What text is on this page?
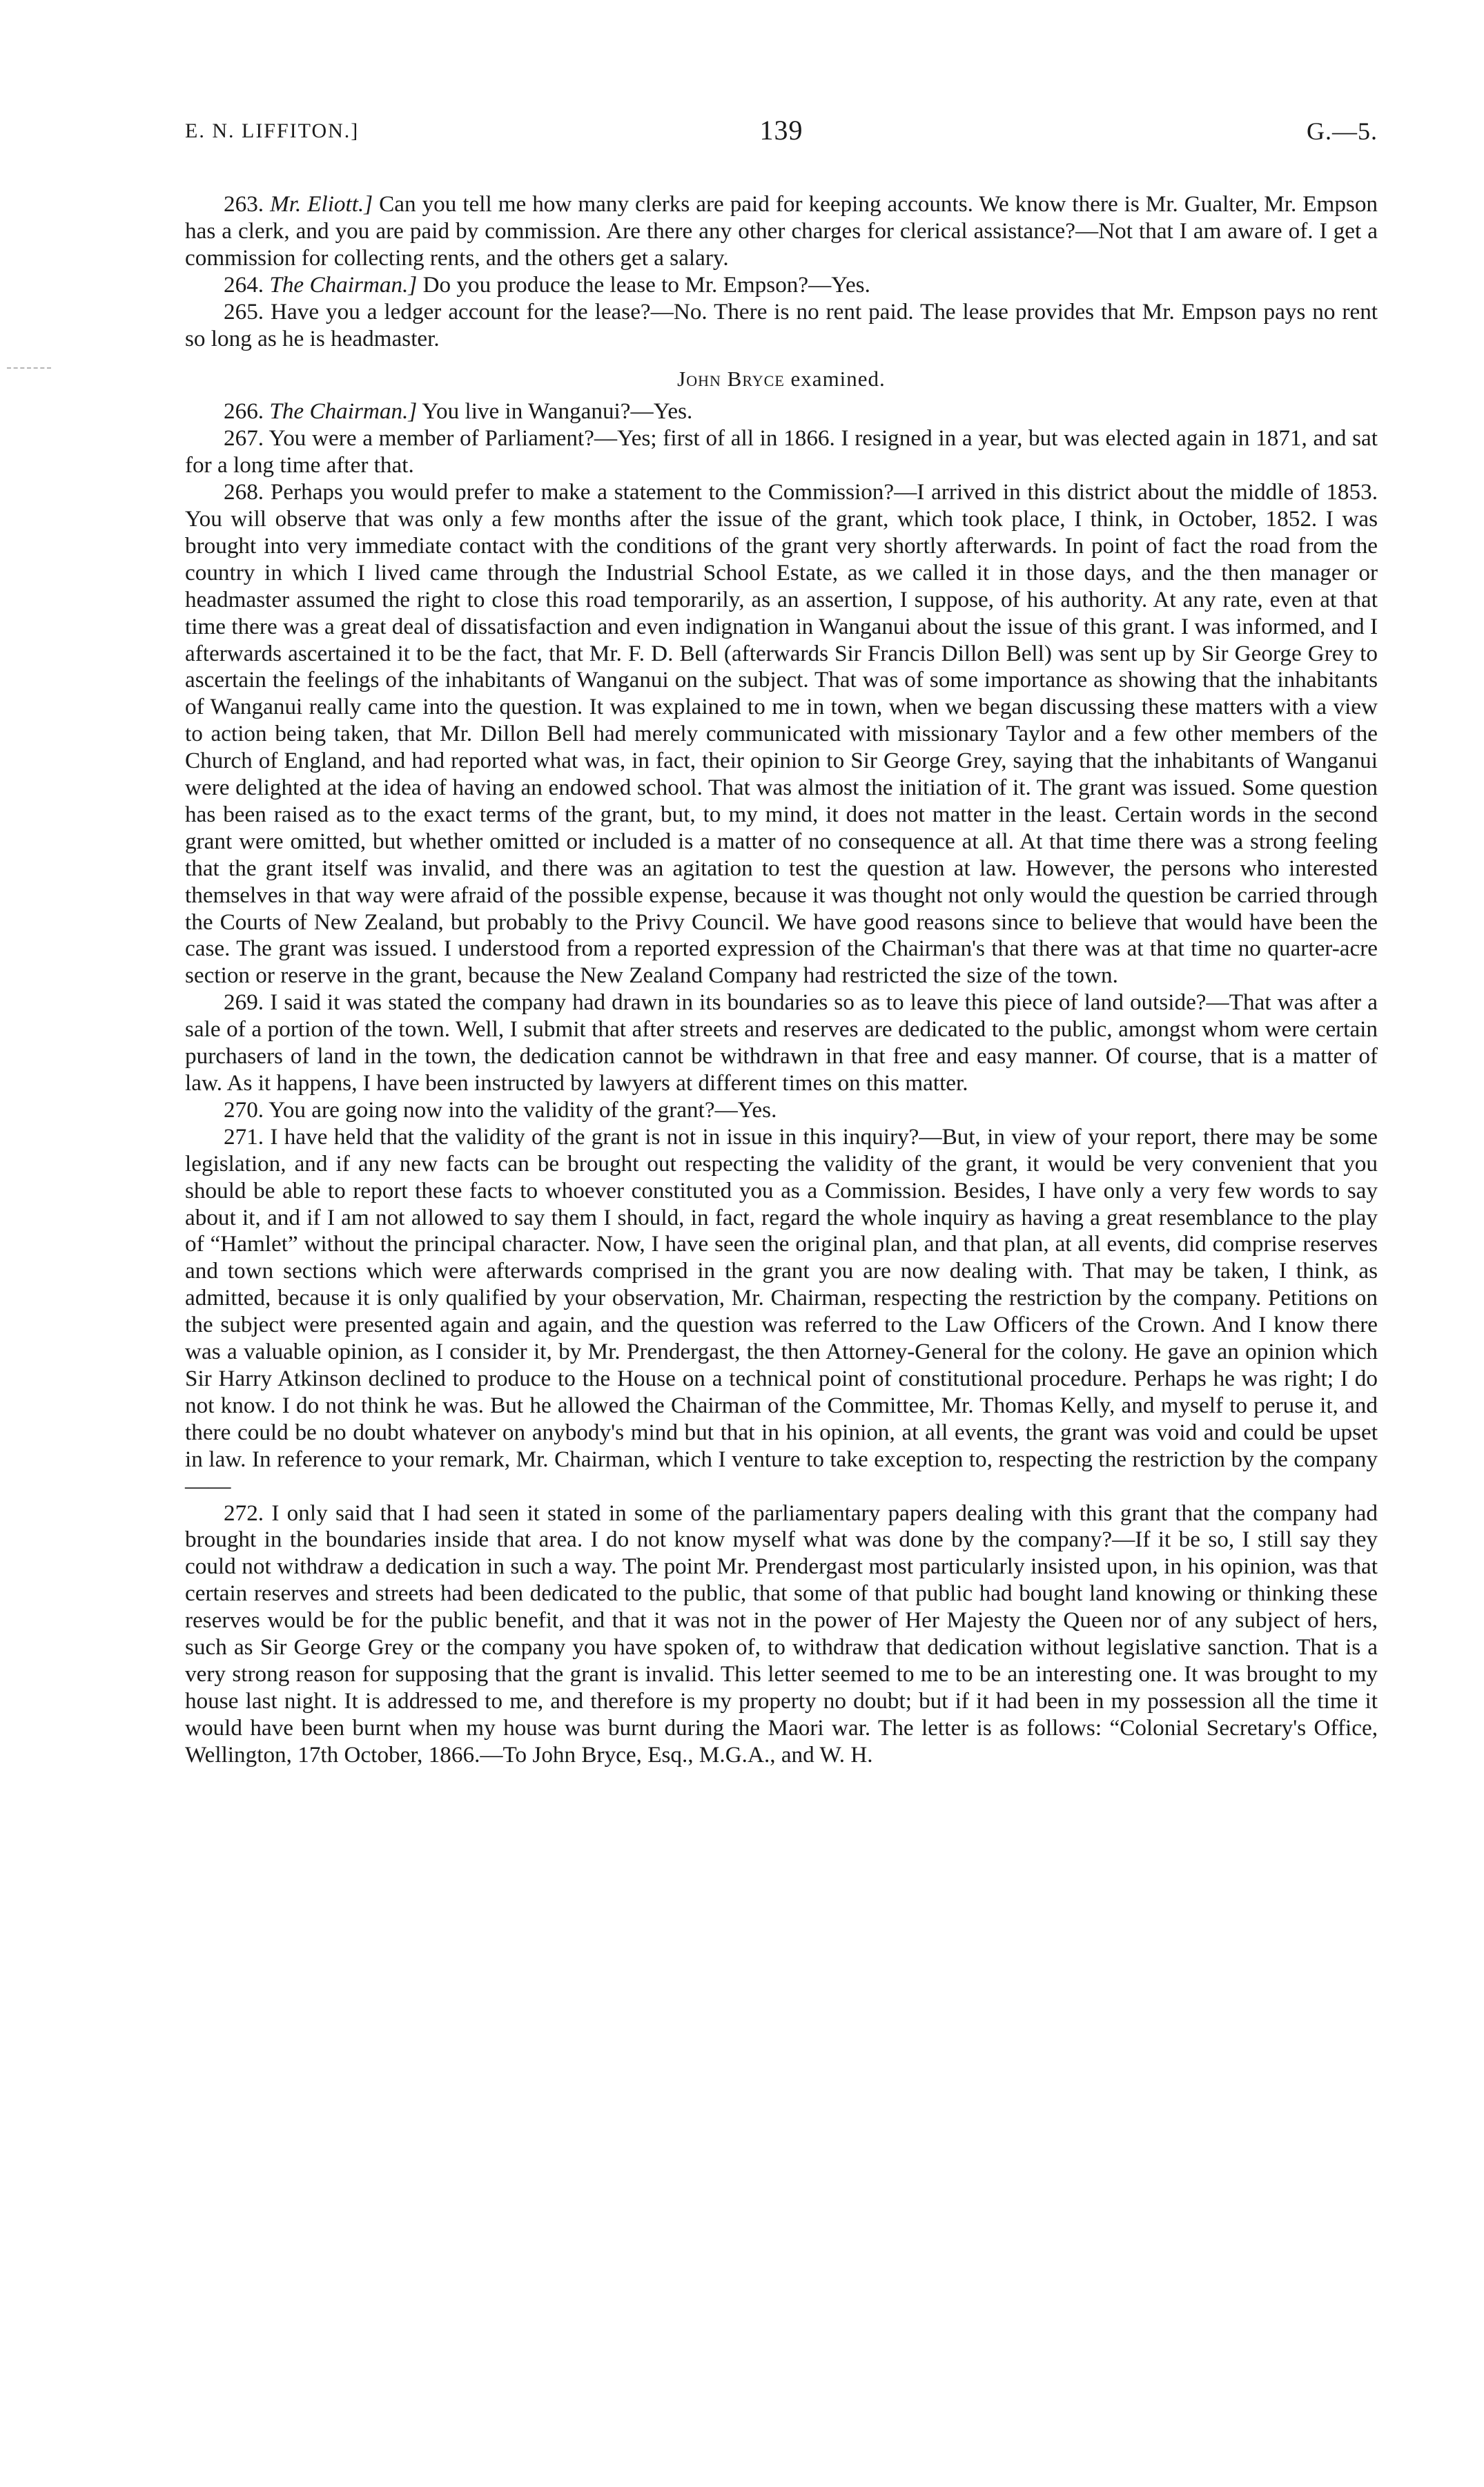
E. N. LIFFITON.]	139	G.—5.

263. Mr. Eliott.] Can you tell me how many clerks are paid for keeping accounts. We know there is Mr. Gualter, Mr. Empson has a clerk, and you are paid by commission. Are there any other charges for clerical assistance?—Not that I am aware of. I get a commission for collecting rents, and the others get a salary.

264. The Chairman.] Do you produce the lease to Mr. Empson?—Yes.

265. Have you a ledger account for the lease?—No. There is no rent paid. The lease provides that Mr. Empson pays no rent so long as he is headmaster.

John Bryce examined.

266. The Chairman.] You live in Wanganui?—Yes.

267. You were a member of Parliament?—Yes; first of all in 1866. I resigned in a year, but was elected again in 1871, and sat for a long time after that.

268. Perhaps you would prefer to make a statement to the Commission?—I arrived in this district about the middle of 1853. You will observe that was only a few months after the issue of the grant, which took place, I think, in October, 1852. I was brought into very immediate contact with the conditions of the grant very shortly afterwards. In point of fact the road from the country in which I lived came through the Industrial School Estate, as we called it in those days, and the then manager or headmaster assumed the right to close this road temporarily, as an assertion, I suppose, of his authority. At any rate, even at that time there was a great deal of dissatisfaction and even indignation in Wanganui about the issue of this grant. I was informed, and I afterwards ascertained it to be the fact, that Mr. F. D. Bell (afterwards Sir Francis Dillon Bell) was sent up by Sir George Grey to ascertain the feelings of the inhabitants of Wanganui on the subject. That was of some importance as showing that the inhabitants of Wanganui really came into the question. It was explained to me in town, when we began discussing these matters with a view to action being taken, that Mr. Dillon Bell had merely communicated with missionary Taylor and a few other members of the Church of England, and had reported what was, in fact, their opinion to Sir George Grey, saying that the inhabitants of Wanganui were delighted at the idea of having an endowed school. That was almost the initiation of it. The grant was issued. Some question has been raised as to the exact terms of the grant, but, to my mind, it does not matter in the least. Certain words in the second grant were omitted, but whether omitted or included is a matter of no consequence at all. At that time there was a strong feeling that the grant itself was invalid, and there was an agitation to test the question at law. However, the persons who interested themselves in that way were afraid of the possible expense, because it was thought not only would the question be carried through the Courts of New Zealand, but probably to the Privy Council. We have good reasons since to believe that would have been the case. The grant was issued. I understood from a reported expression of the Chairman's that there was at that time no quarter-acre section or reserve in the grant, because the New Zealand Company had restricted the size of the town.

269. I said it was stated the company had drawn in its boundaries so as to leave this piece of land outside?—That was after a sale of a portion of the town. Well, I submit that after streets and reserves are dedicated to the public, amongst whom were certain purchasers of land in the town, the dedication cannot be withdrawn in that free and easy manner. Of course, that is a matter of law. As it happens, I have been instructed by lawyers at different times on this matter.

270. You are going now into the validity of the grant?—Yes.

271. I have held that the validity of the grant is not in issue in this inquiry?—But, in view of your report, there may be some legislation, and if any new facts can be brought out respecting the validity of the grant, it would be very convenient that you should be able to report these facts to whoever constituted you as a Commission. Besides, I have only a very few words to say about it, and if I am not allowed to say them I should, in fact, regard the whole inquiry as having a great resemblance to the play of “Hamlet” without the principal character. Now, I have seen the original plan, and that plan, at all events, did comprise reserves and town sections which were afterwards comprised in the grant you are now dealing with. That may be taken, I think, as admitted, because it is only qualified by your observation, Mr. Chairman, respecting the restriction by the company. Petitions on the subject were presented again and again, and the question was referred to the Law Officers of the Crown. And I know there was a valuable opinion, as I consider it, by Mr. Prendergast, the then Attorney-General for the colony. He gave an opinion which Sir Harry Atkinson declined to produce to the House on a technical point of constitutional procedure. Perhaps he was right; I do not know. I do not think he was. But he allowed the Chairman of the Committee, Mr. Thomas Kelly, and myself to peruse it, and there could be no doubt whatever on anybody's mind but that in his opinion, at all events, the grant was void and could be upset in law. In reference to your remark, Mr. Chairman, which I venture to take exception to, respecting the restriction by the company——

272. I only said that I had seen it stated in some of the parliamentary papers dealing with this grant that the company had brought in the boundaries inside that area. I do not know myself what was done by the company?—If it be so, I still say they could not withdraw a dedication in such a way. The point Mr. Prendergast most particularly insisted upon, in his opinion, was that certain reserves and streets had been dedicated to the public, that some of that public had bought land knowing or thinking these reserves would be for the public benefit, and that it was not in the power of Her Majesty the Queen nor of any subject of hers, such as Sir George Grey or the company you have spoken of, to withdraw that dedication without legislative sanction. That is a very strong reason for supposing that the grant is invalid. This letter seemed to me to be an interesting one. It was brought to my house last night. It is addressed to me, and therefore is my property no doubt; but if it had been in my possession all the time it would have been burnt when my house was burnt during the Maori war. The letter is as follows: “Colonial Secretary's Office, Wellington, 17th October, 1866.—To John Bryce, Esq., M.G.A., and W. H.
